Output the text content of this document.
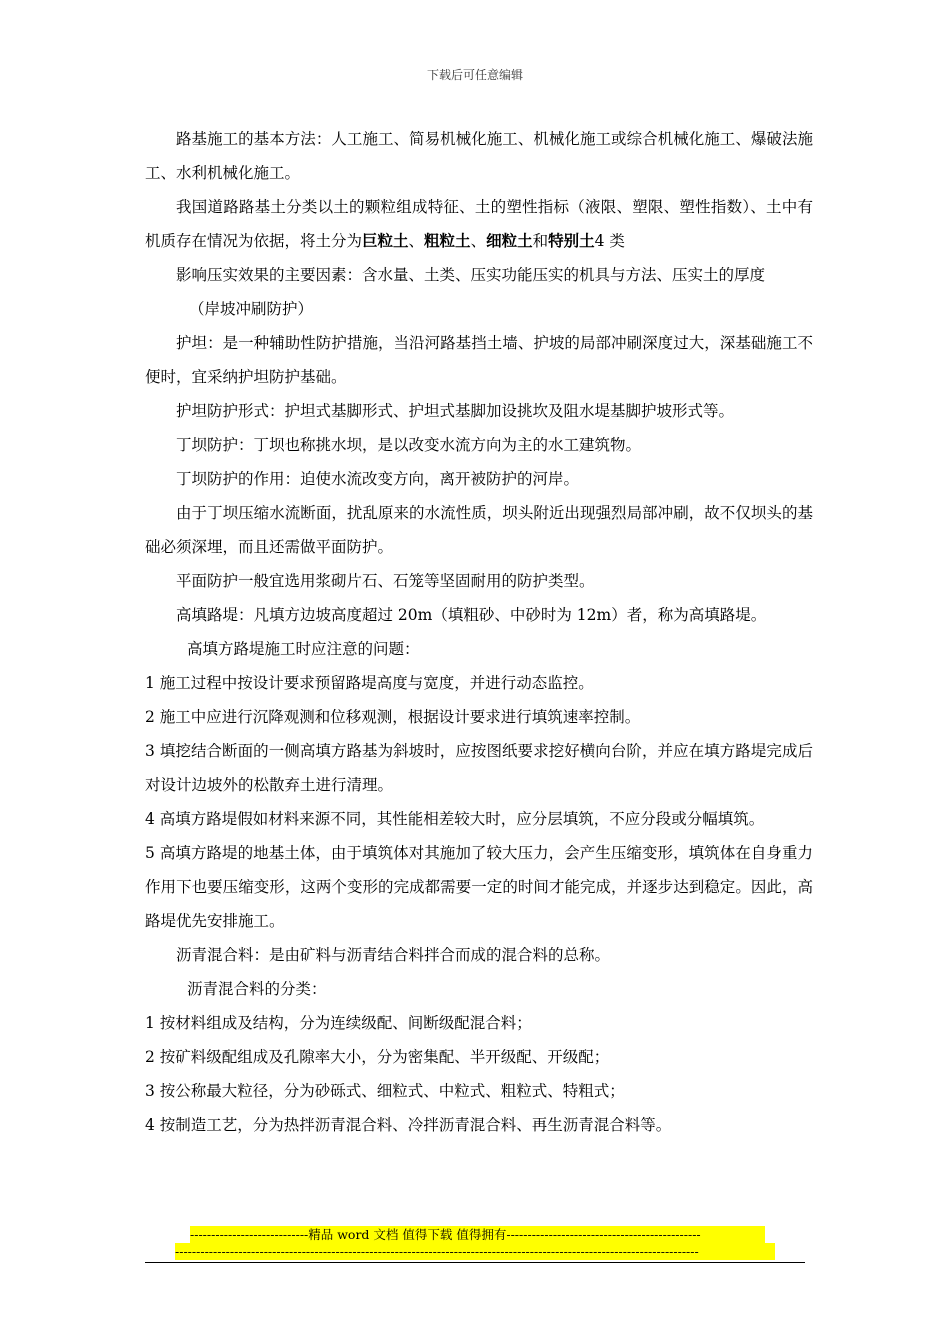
下载后可任意编辑

路基施工的基本方法：人工施工、简易机械化施工、机械化施工或综合机械化施工、爆破法施工、水利机械化施工。

我国道路路基土分类以土的颗粒组成特征、土的塑性指标（液限、塑限、塑性指数）、土中有机质存在情况为依据，将土分为巨粒土、粗粒土、细粒土和特别土4 类

影响压实效果的主要因素：含水量、土类、压实功能压实的机具与方法、压实土的厚度

（岸坡冲刷防护）

护坦：是一种辅助性防护措施，当沿河路基挡土墙、护坡的局部冲刷深度过大，深基础施工不便时，宜采纳护坦防护基础。

护坦防护形式：护坦式基脚形式、护坦式基脚加设挑坎及阻水堤基脚护坡形式等。

丁坝防护：丁坝也称挑水坝，是以改变水流方向为主的水工建筑物。

丁坝防护的作用：迫使水流改变方向，离开被防护的河岸。

由于丁坝压缩水流断面，扰乱原来的水流性质，坝头附近出现强烈局部冲刷，故不仅坝头的基础必须深埋，而且还需做平面防护。

平面防护一般宜选用浆砌片石、石笼等坚固耐用的防护类型。

高填路堤：凡填方边坡高度超过 20m（填粗砂、中砂时为 12m）者，称为高填路堤。

高填方路堤施工时应注意的问题：

1 施工过程中按设计要求预留路堤高度与宽度，并进行动态监控。

2 施工中应进行沉降观测和位移观测，根据设计要求进行填筑速率控制。

3 填挖结合断面的一侧高填方路基为斜坡时，应按图纸要求挖好横向台阶，并应在填方路堤完成后对设计边坡外的松散弃土进行清理。

4 高填方路堤假如材料来源不同，其性能相差较大时，应分层填筑，不应分段或分幅填筑。

5 高填方路堤的地基土体，由于填筑体对其施加了较大压力，会产生压缩变形，填筑体在自身重力作用下也要压缩变形，这两个变形的完成都需要一定的时间才能完成，并逐步达到稳定。因此，高路堤优先安排施工。

沥青混合料：是由矿料与沥青结合料拌合而成的混合料的总称。

沥青混合料的分类：

1 按材料组成及结构，分为连续级配、间断级配混合料；

2 按矿料级配组成及孔隙率大小，分为密集配、半开级配、开级配；

3 按公称最大粒径，分为砂砾式、细粒式、中粒式、粗粒式、特粗式；

4 按制造工艺，分为热拌沥青混合料、冷拌沥青混合料、再生沥青混合料等。

----------------------------精品 word 文档 值得下载 值得拥有----------------------------------------------
----------------------------------------------------------------------------------------------------------------------------
